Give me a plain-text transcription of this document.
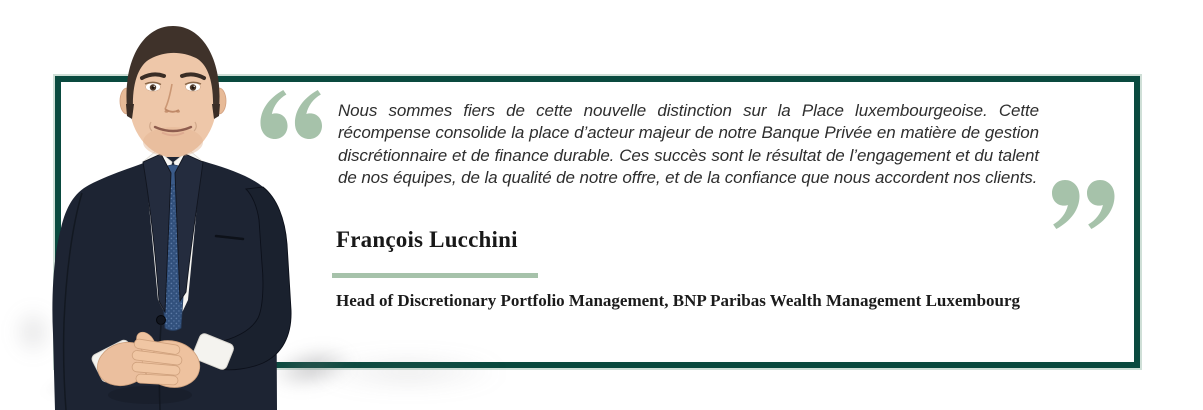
Nous sommes fiers de cette nouvelle distinction sur la Place luxembourgeoise. Cette récompense consolide la place d’acteur majeur de notre Banque Privée en matière de gestion discrétionnaire et de finance durable. Ces succès sont le résultat de l’engagement et du talent de nos équipes, de la qualité de notre offre, et de la confiance que nous accordent nos clients.
François Lucchini
Head of Discretionary Portfolio Management, BNP Paribas Wealth Management Luxembourg
